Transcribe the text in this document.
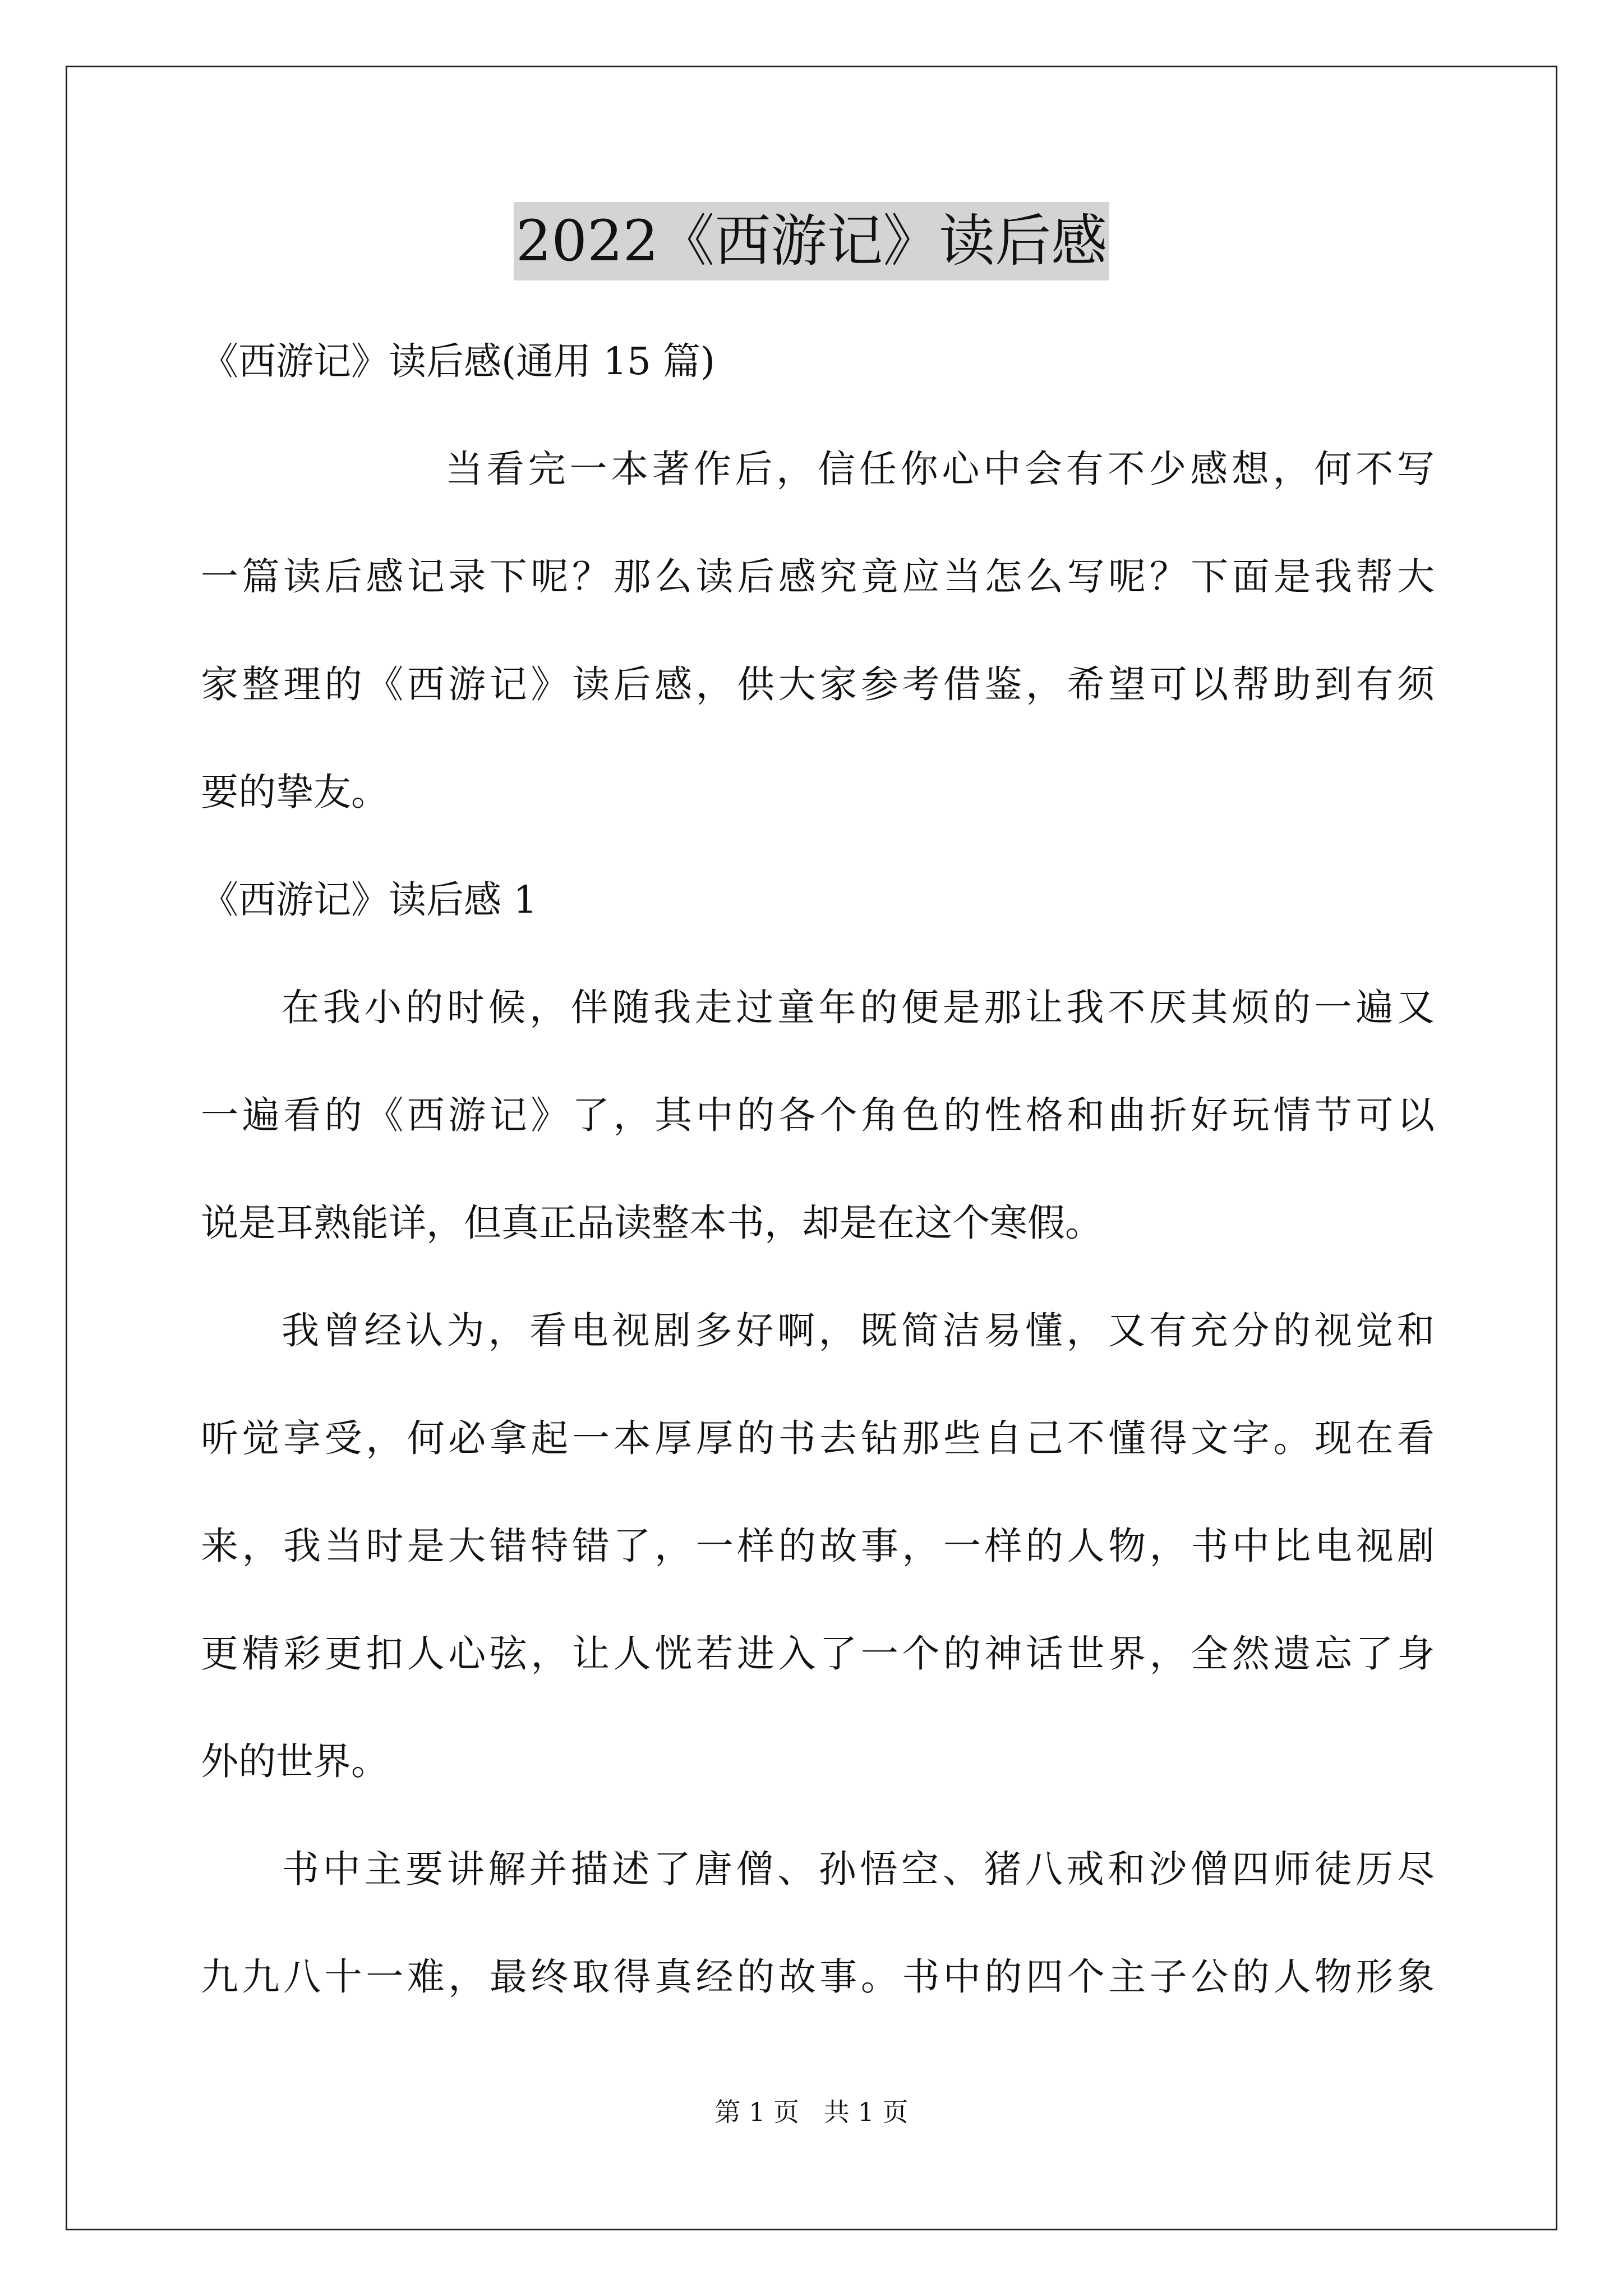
2022《西游记》读后感
《西游记》读后感(通用 15 篇)
当看完一本著作后，信任你心中会有不少感想，何不写
一篇读后感记录下呢？那么读后感究竟应当怎么写呢？下面是我帮大
家整理的《西游记》读后感，供大家参考借鉴，希望可以帮助到有须
要的挚友。
《西游记》读后感 1
在我小的时候，伴随我走过童年的便是那让我不厌其烦的一遍又
一遍看的《西游记》了，其中的各个角色的性格和曲折好玩情节可以
说是耳熟能详，但真正品读整本书，却是在这个寒假。
我曾经认为，看电视剧多好啊，既简洁易懂，又有充分的视觉和
听觉享受，何必拿起一本厚厚的书去钻那些自己不懂得文字。现在看
来，我当时是大错特错了，一样的故事，一样的人物，书中比电视剧
更精彩更扣人心弦，让人恍若进入了一个的神话世界，全然遗忘了身
外的世界。
书中主要讲解并描述了唐僧、孙悟空、猪八戒和沙僧四师徒历尽
九九八十一难，最终取得真经的故事。书中的四个主子公的人物形象
第 1 页   共 1 页
